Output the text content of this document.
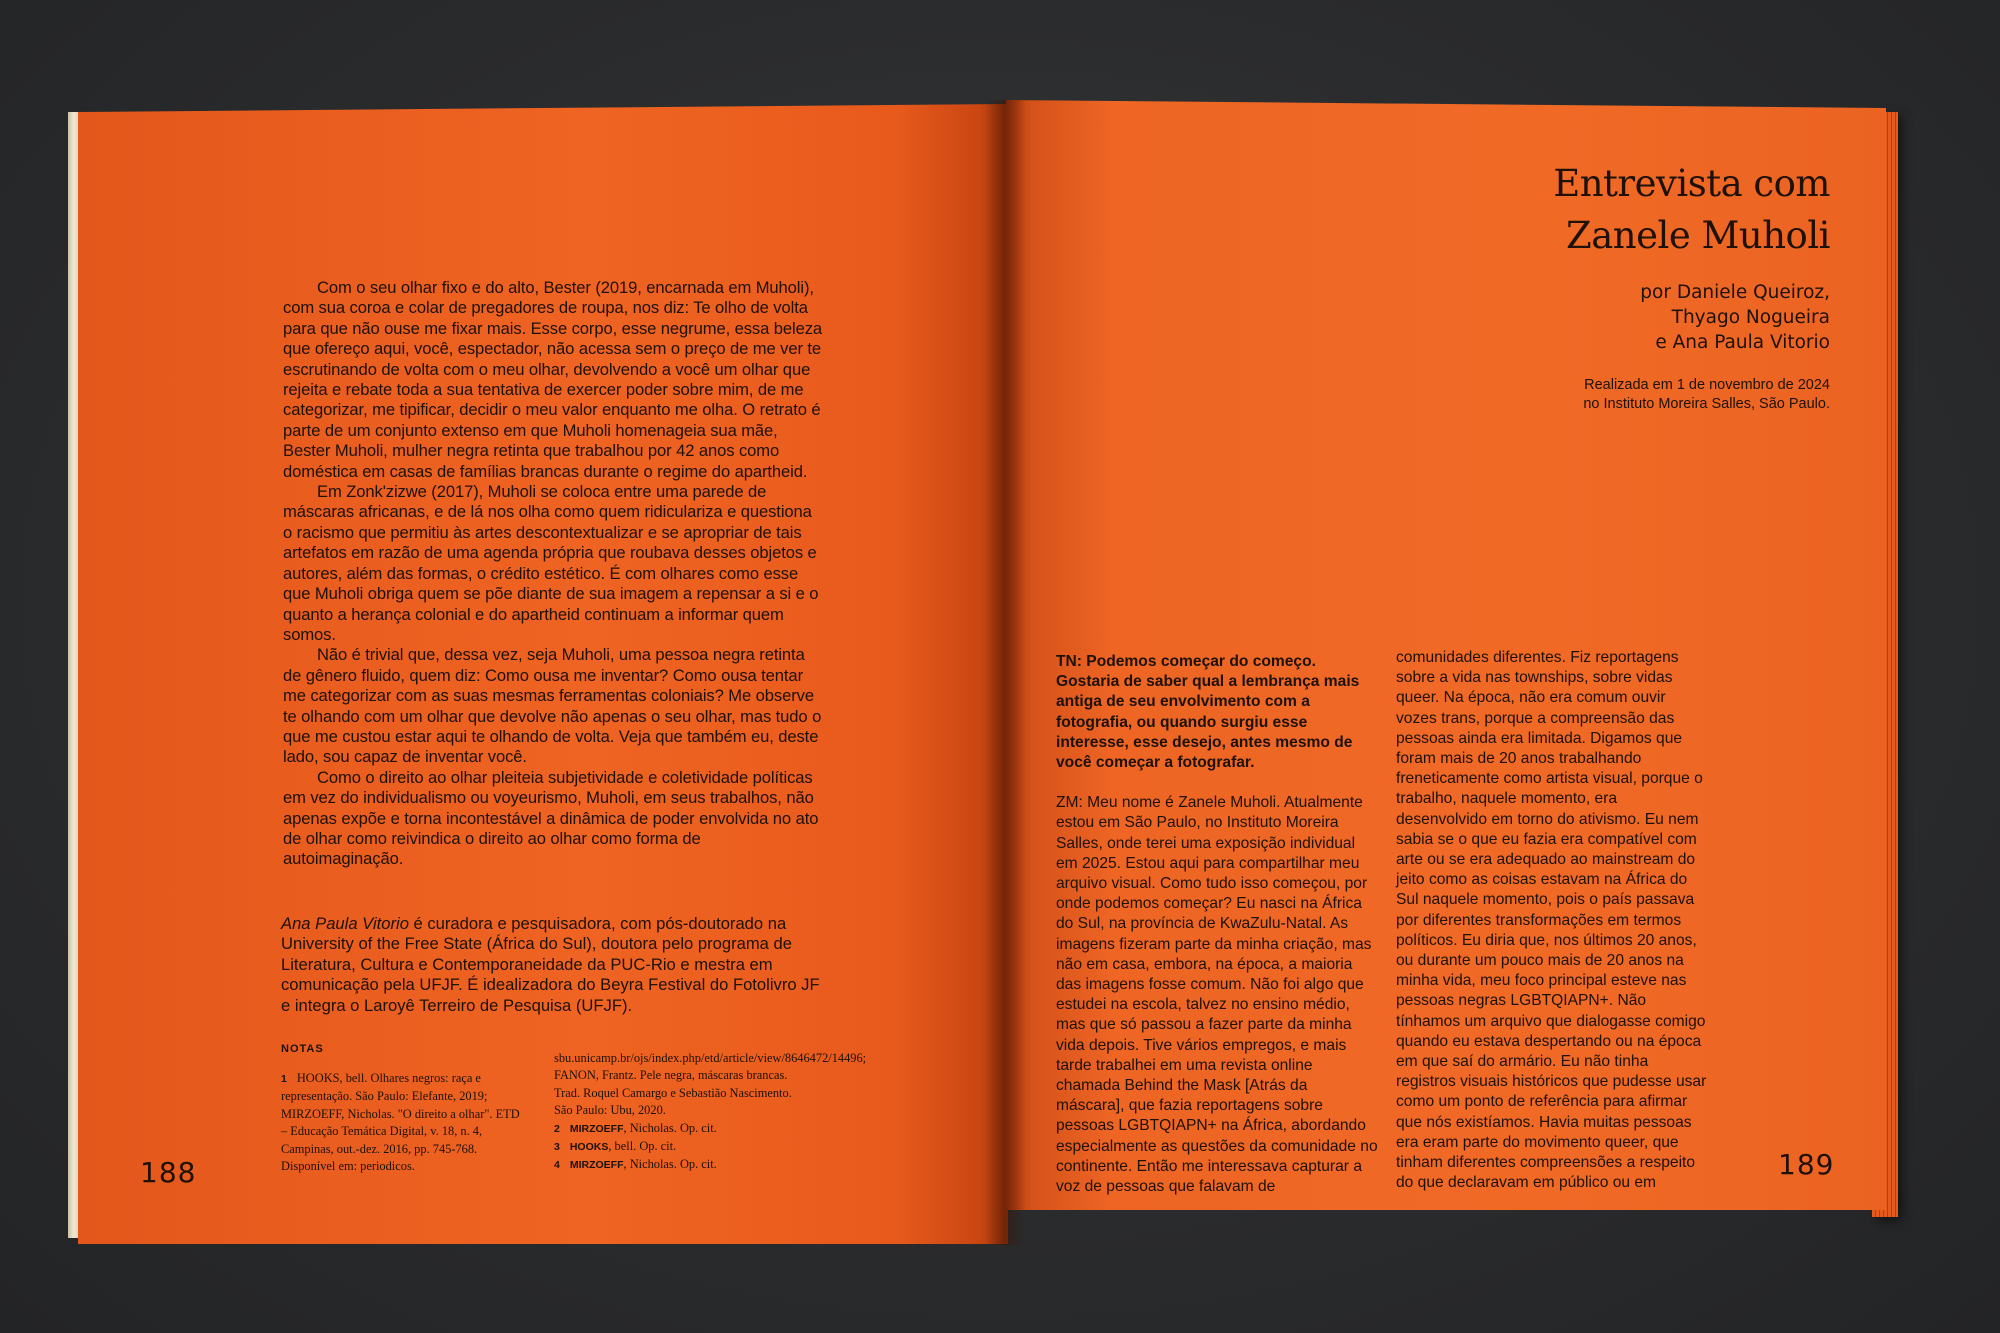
Com o seu olhar fixo e do alto, Bester (2019, encarnada em Muholi), com sua coroa e colar de pregadores de roupa, nos diz: Te olho de volta para que não ouse me fixar mais. Esse corpo, esse negrume, essa beleza que ofereço aqui, você, espectador, não acessa sem o preço de me ver te escrutinando de volta com o meu olhar, devolvendo a você um olhar que rejeita e rebate toda a sua tentativa de exercer poder sobre mim, de me categorizar, me tipificar, decidir o meu valor enquanto me olha. O retrato é parte de um conjunto extenso em que Muholi homenageia sua mãe, Bester Muholi, mulher negra retinta que trabalhou por 42 anos como doméstica em casas de famílias brancas durante o regime do apartheid.

Em Zonk'zizwe (2017), Muholi se coloca entre uma parede de máscaras africanas, e de lá nos olha como quem ridiculariza e questiona o racismo que permitiu às artes descontextualizar e se apropriar de tais artefatos em razão de uma agenda própria que roubava desses objetos e autores, além das formas, o crédito estético. É com olhares como esse que Muholi obriga quem se põe diante de sua imagem a repensar a si e o quanto a herança colonial e do apartheid continuam a informar quem somos.

Não é trivial que, dessa vez, seja Muholi, uma pessoa negra retinta de gênero fluido, quem diz: Como ousa me inventar? Como ousa tentar me categorizar com as suas mesmas ferramentas coloniais? Me observe te olhando com um olhar que devolve não apenas o seu olhar, mas tudo o que me custou estar aqui te olhando de volta. Veja que também eu, deste lado, sou capaz de inventar você.

Como o direito ao olhar pleiteia subjetividade e coletividade políticas em vez do individualismo ou voyeurismo, Muholi, em seus trabalhos, não apenas expõe e torna incontestável a dinâmica de poder envolvida no ato de olhar como reivindica o direito ao olhar como forma de autoimaginação.

Ana Paula Vitorio é curadora e pesquisadora, com pós-doutorado na University of the Free State (África do Sul), doutora pelo programa de Literatura, Cultura e Contemporaneidade da PUC-Rio e mestra em comunicação pela UFJF. É idealizadora do Beyra Festival do Fotolivro JF e integra o Laroyê Terreiro de Pesquisa (UFJF).
NOTAS
1 HOOKS, bell. Olhares negros: raça e representação. São Paulo: Elefante, 2019; MIRZOEFF, Nicholas. "O direito a olhar". ETD – Educação Temática Digital, v. 18, n. 4, Campinas, out.-dez. 2016, pp. 745-768. Disponível em: periodicos.
sbu.unicamp.br/ojs/index.php/etd/article/view/8646472/14496; FANON, Frantz. Pele negra, máscaras brancas. Trad. Roquel Camargo e Sebastião Nascimento. São Paulo: Ubu, 2020.
2 MIRZOEFF, Nicholas. Op. cit.
3 HOOKS, bell. Op. cit.
4 MIRZOEFF, Nicholas. Op. cit.
188
Entrevista com
Zanele Muholi
por Daniele Queiroz,
Thyago Nogueira
e Ana Paula Vitorio
Realizada em 1 de novembro de 2024
no Instituto Moreira Salles, São Paulo.

TN: Podemos começar do começo. Gostaria de saber qual a lembrança mais antiga de seu envolvimento com a fotografia, ou quando surgiu esse interesse, esse desejo, antes mesmo de você começar a fotografar.

ZM: Meu nome é Zanele Muholi. Atualmente estou em São Paulo, no Instituto Moreira Salles, onde terei uma exposição individual em 2025. Estou aqui para compartilhar meu arquivo visual. Como tudo isso começou, por onde podemos começar? Eu nasci na África do Sul, na província de KwaZulu-Natal. As imagens fizeram parte da minha criação, mas não em casa, embora, na época, a maioria das imagens fosse comum. Não foi algo que estudei na escola, talvez no ensino médio, mas que só passou a fazer parte da minha vida depois. Tive vários empregos, e mais tarde trabalhei em uma revista online chamada Behind the Mask [Atrás da máscara], que fazia reportagens sobre pessoas LGBTQIAPN+ na África, abordando especialmente as questões da comunidade no continente. Então me interessava capturar a voz de pessoas que falavam de

comunidades diferentes. Fiz reportagens sobre a vida nas townships, sobre vidas queer. Na época, não era comum ouvir vozes trans, porque a compreensão das pessoas ainda era limitada. Digamos que foram mais de 20 anos trabalhando freneticamente como artista visual, porque o trabalho, naquele momento, era desenvolvido em torno do ativismo. Eu nem sabia se o que eu fazia era compatível com arte ou se era adequado ao mainstream do jeito como as coisas estavam na África do Sul naquele momento, pois o país passava por diferentes transformações em termos políticos. Eu diria que, nos últimos 20 anos, ou durante um pouco mais de 20 anos na minha vida, meu foco principal esteve nas pessoas negras LGBTQIAPN+. Não tínhamos um arquivo que dialogasse comigo quando eu estava despertando ou na época em que saí do armário. Eu não tinha registros visuais históricos que pudesse usar como um ponto de referência para afirmar que nós existíamos. Havia muitas pessoas era eram parte do movimento queer, que tinham diferentes compreensões a respeito do que declaravam em público ou em

189
